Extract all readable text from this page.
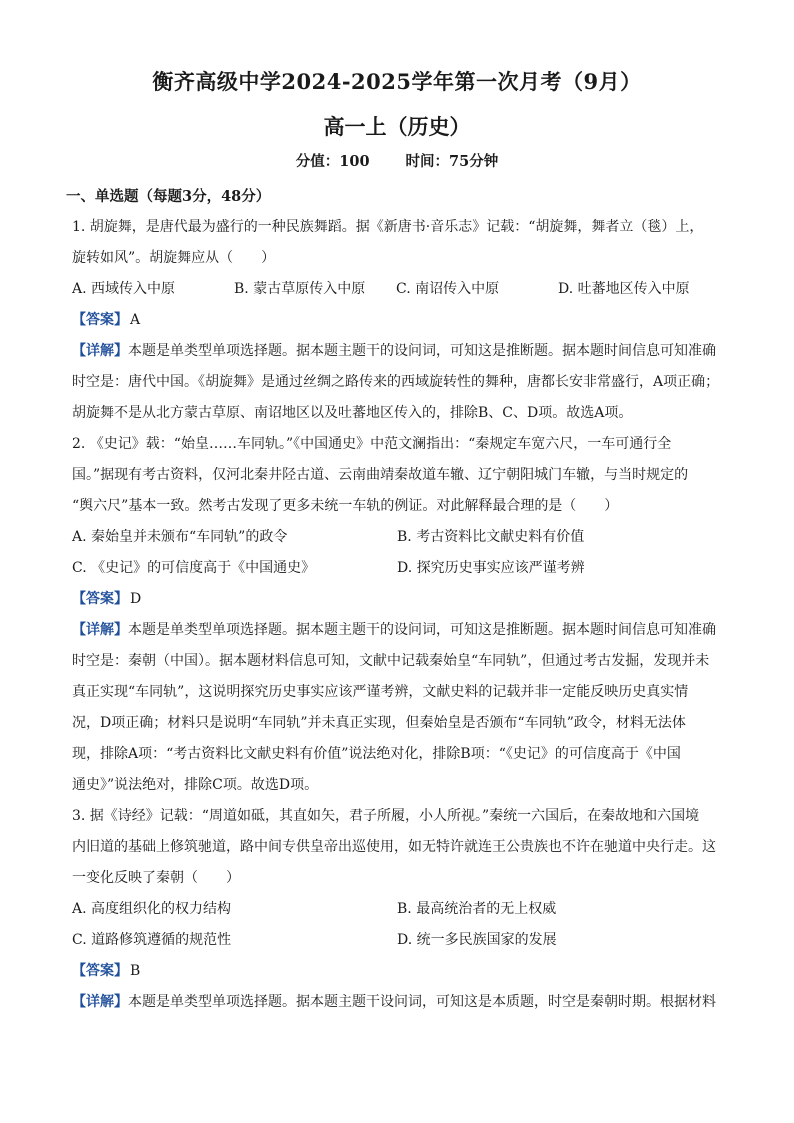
衡齐高级中学2024-2025学年第一次月考（9月）
高一上（历史）
分值：100 时间：75分钟
一、单选题（每题3分，48分）

1. 胡旋舞，是唐代最为盛行的一种民族舞蹈。据《新唐书·音乐志》记载：“胡旋舞，舞者立（毯）上，

旋转如风”。胡旋舞应从（　　）

A. 西域传入中原	B. 蒙古草原传入中原	C. 南诏传入中原	D. 吐蕃地区传入中原

【答案】 A

【详解】本题是单类型单项选择题。据本题主题干的设问词，可知这是推断题。据本题时间信息可知准确

时空是：唐代中国。《胡旋舞》是通过丝绸之路传来的西域旋转性的舞种，唐都长安非常盛行，A项正确；

胡旋舞不是从北方蒙古草原、南诏地区以及吐蕃地区传入的，排除B、C、D项。故选A项。

2. 《史记》载：“始皇……车同轨。”《中国通史》中范文澜指出：“秦规定车宽六尺，一车可通行全

国。”据现有考古资料，仅河北秦井陉古道、云南曲靖秦故道车辙、辽宁朝阳城门车辙，与当时规定的

“舆六尺”基本一致。然考古发现了更多未统一车轨的例证。对此解释最合理的是（　　）

A. 秦始皇并未颁布“车同轨”的政令	B. 考古资料比文献史料有价值
C. 《史记》的可信度高于《中国通史》	D. 探究历史事实应该严谨考辨

【答案】 D

【详解】本题是单类型单项选择题。据本题主题干的设问词，可知这是推断题。据本题时间信息可知准确

时空是：秦朝（中国）。据本题材料信息可知，文献中记载秦始皇“车同轨”，但通过考古发掘，发现并未

真正实现“车同轨”，这说明探究历史事实应该严谨考辨，文献史料的记载并非一定能反映历史真实情

况，D项正确；材料只是说明“车同轨”并未真正实现，但秦始皇是否颁布“车同轨”政令，材料无法体

现，排除A项：“考古资料比文献史料有价值”说法绝对化，排除B项：“《史记》的可信度高于《中国

通史》”说法绝对，排除C项。故选D项。

3. 据《诗经》记载：“周道如砥，其直如矢，君子所履，小人所视。”秦统一六国后，在秦故地和六国境

内旧道的基础上修筑驰道，路中间专供皇帝出巡使用，如无特许就连王公贵族也不许在驰道中央行走。这

一变化反映了秦朝（　　）

A. 高度组织化的权力结构	B. 最高统治者的无上权威
C. 道路修筑遵循的规范性	D. 统一多民族国家的发展

【答案】 B

【详解】本题是单类型单项选择题。据本题主题干设问词，可知这是本质题，时空是秦朝时期。根据材料
